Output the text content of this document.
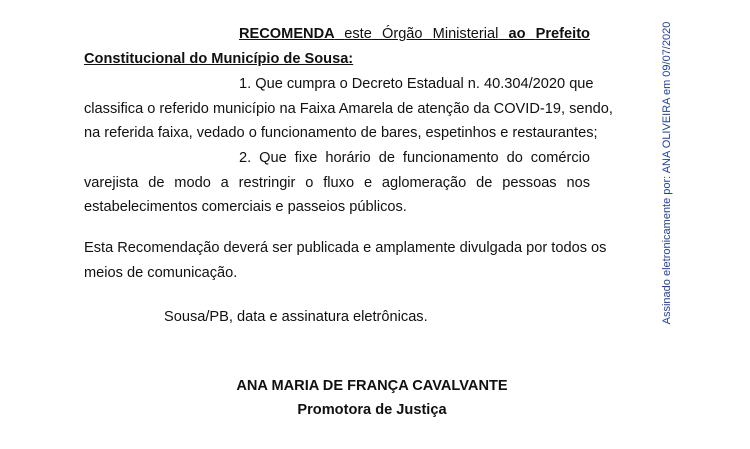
RECOMENDA este Órgão Ministerial ao Prefeito
Constitucional do Município de Sousa:
1. Que cumpra o Decreto Estadual n. 40.304/2020 que
classifica o referido município na Faixa Amarela de atenção da COVID-19, sendo,
na referida faixa, vedado o funcionamento de bares, espetinhos e restaurantes;
2. Que fixe horário de funcionamento do comércio
varejista de modo a restringir o fluxo e aglomeração de pessoas nos
estabelecimentos comerciais e passeios públicos.
Esta Recomendação deverá ser publicada e amplamente divulgada por todos os
meios de comunicação.
Sousa/PB, data e assinatura eletrônicas.
ANA MARIA DE FRANÇA CAVALVANTE
Promotora de Justiça
Assinado eletronicamente por: ANA OLIVEIRA em 09/07/2020
